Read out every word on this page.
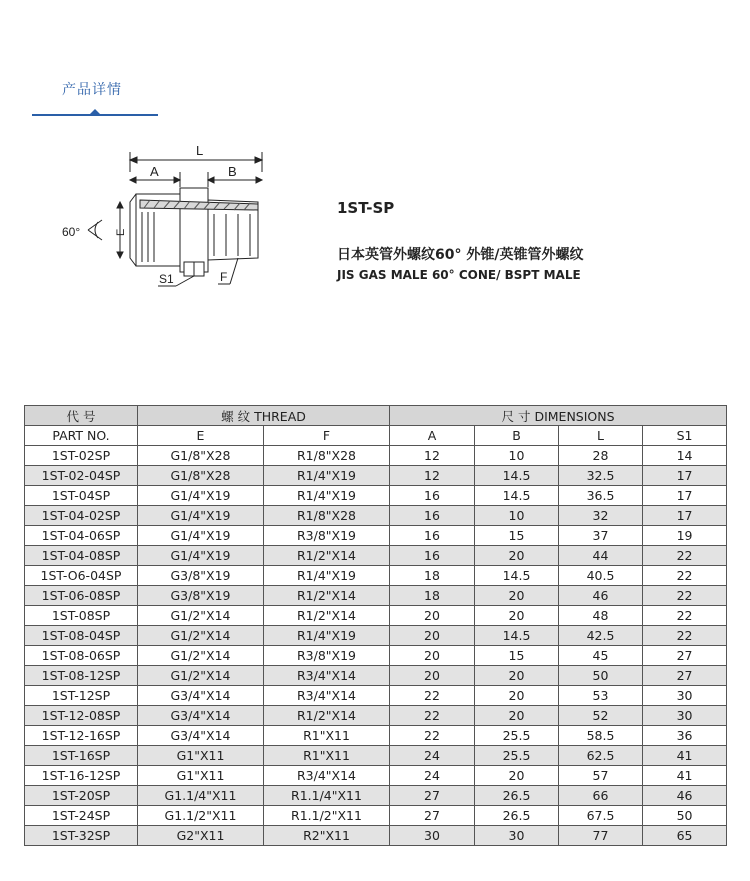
产品详情
L
A	B
E
60°
S1	F
1ST-SP
日本英管外螺纹60° 外锥/英锥管外螺纹
JIS GAS MALE 60° CONE/ BSPT MALE
代 号	螺 纹 THREAD		尺 寸 DIMENSIONS			
PART NO.	E	F	A	B	L	S1
1ST-02SP	G1/8"X28	R1/8"X28	12	10	28	14
1ST-02-04SP	G1/8"X28	R1/4"X19	12	14.5	32.5	17
1ST-04SP	G1/4"X19	R1/4"X19	16	14.5	36.5	17
1ST-04-02SP	G1/4"X19	R1/8"X28	16	10	32	17
1ST-04-06SP	G1/4"X19	R3/8"X19	16	15	37	19
1ST-04-08SP	G1/4"X19	R1/2"X14	16	20	44	22
1ST-O6-04SP	G3/8"X19	R1/4"X19	18	14.5	40.5	22
1ST-06-08SP	G3/8"X19	R1/2"X14	18	20	46	22
1ST-08SP	G1/2"X14	R1/2"X14	20	20	48	22
1ST-08-04SP	G1/2"X14	R1/4"X19	20	14.5	42.5	22
1ST-08-06SP	G1/2"X14	R3/8"X19	20	15	45	27
1ST-08-12SP	G1/2"X14	R3/4"X14	20	20	50	27
1ST-12SP	G3/4"X14	R3/4"X14	22	20	53	30
1ST-12-08SP	G3/4"X14	R1/2"X14	22	20	52	30
1ST-12-16SP	G3/4"X14	R1"X11	22	25.5	58.5	36
1ST-16SP	G1"X11	R1"X11	24	25.5	62.5	41
1ST-16-12SP	G1"X11	R3/4"X14	24	20	57	41
1ST-20SP	G1.1/4"X11	R1.1/4"X11	27	26.5	66	46
1ST-24SP	G1.1/2"X11	R1.1/2"X11	27	26.5	67.5	50
1ST-32SP	G2"X11	R2"X11	30	30	77	65
